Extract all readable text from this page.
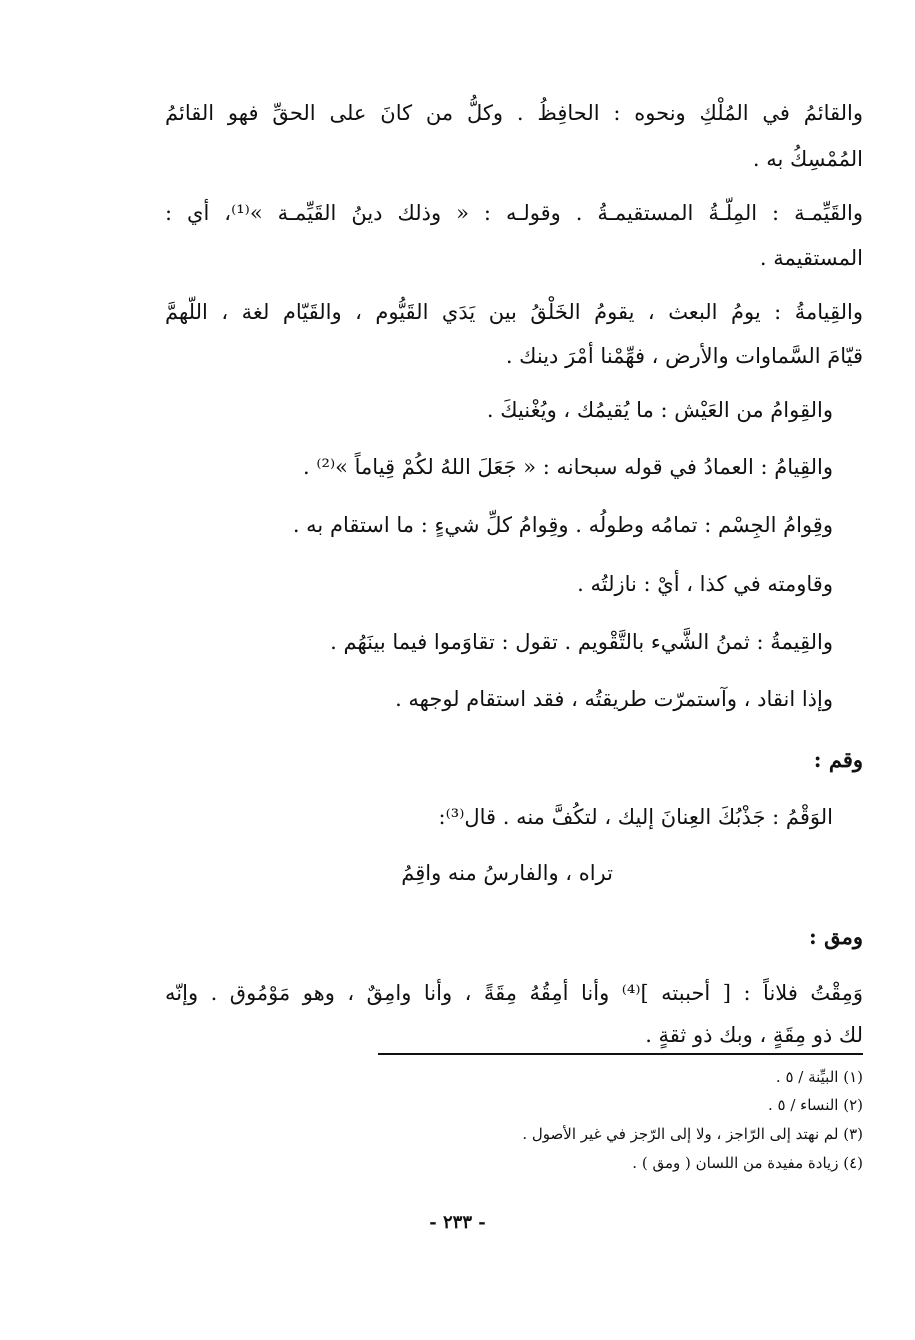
والقائمُ في المُلْكِ ونحوه : الحافِظُ . وكلُّ من كانَ على الحقِّ فهو القائمُ
المُمْسِكُ به .
والقَيِّمـة : المِلّـةُ المستقيمـةُ . وقولـه : « وذلك دينُ القَيِّمـة »⁽¹⁾، أي :
المستقيمة .
والقِيامةُ : يومُ البعث ، يقومُ الخَلْقُ بين يَدَي القَيُّوم ، والقَيّام لغة ، اللّهمَّ
قيّامَ السَّماوات والأرض ، فهِّمْنا أمْرَ دينك .
والقِوامُ من العَيْش : ما يُقيمُك ، ويُغْنيكَ .
والقِيامُ : العمادُ في قوله سبحانه : « جَعَلَ اللهُ لكُمْ قِياماً »⁽²⁾ .
وقِوامُ الجِسْم : تمامُه وطولُه . وقِوامُ كلِّ شيءٍ : ما استقام به .
وقاومته في كذا ، أيْ : نازلتُه .
والقِيمةُ : ثمنُ الشَّيء بالتَّقْويم . تقول : تقاوَموا فيما بينَهُم .
وإذا انقاد ، وآستمرّت طريقتُه ، فقد استقام لوجهه .
وقم :
الوَقْمُ : جَذْبُكَ العِنانَ إليك ، لتكُفَّ منه . قال⁽³⁾:
تراه ، والفارسُ منه واقِمُ
ومق :
وَمِقْتُ فلاناً : [ أحببته ]⁽⁴⁾ وأنا أمِقُهُ مِقَةً ، وأنا وامِقٌ ، وهو مَوْمُوق . وإنّه
لك ذو مِقَةٍ ، وبك ذو ثقةٍ .
(١) البيِّنة / ٥ .
(٢) النساء / ٥ .
(٣) لم نهتد إلى الرّاجز ، ولا إلى الرّجز في غير الأصول .
(٤) زيادة مفيدة من اللسان ( ومق ) .
- ٢٣٣ -
